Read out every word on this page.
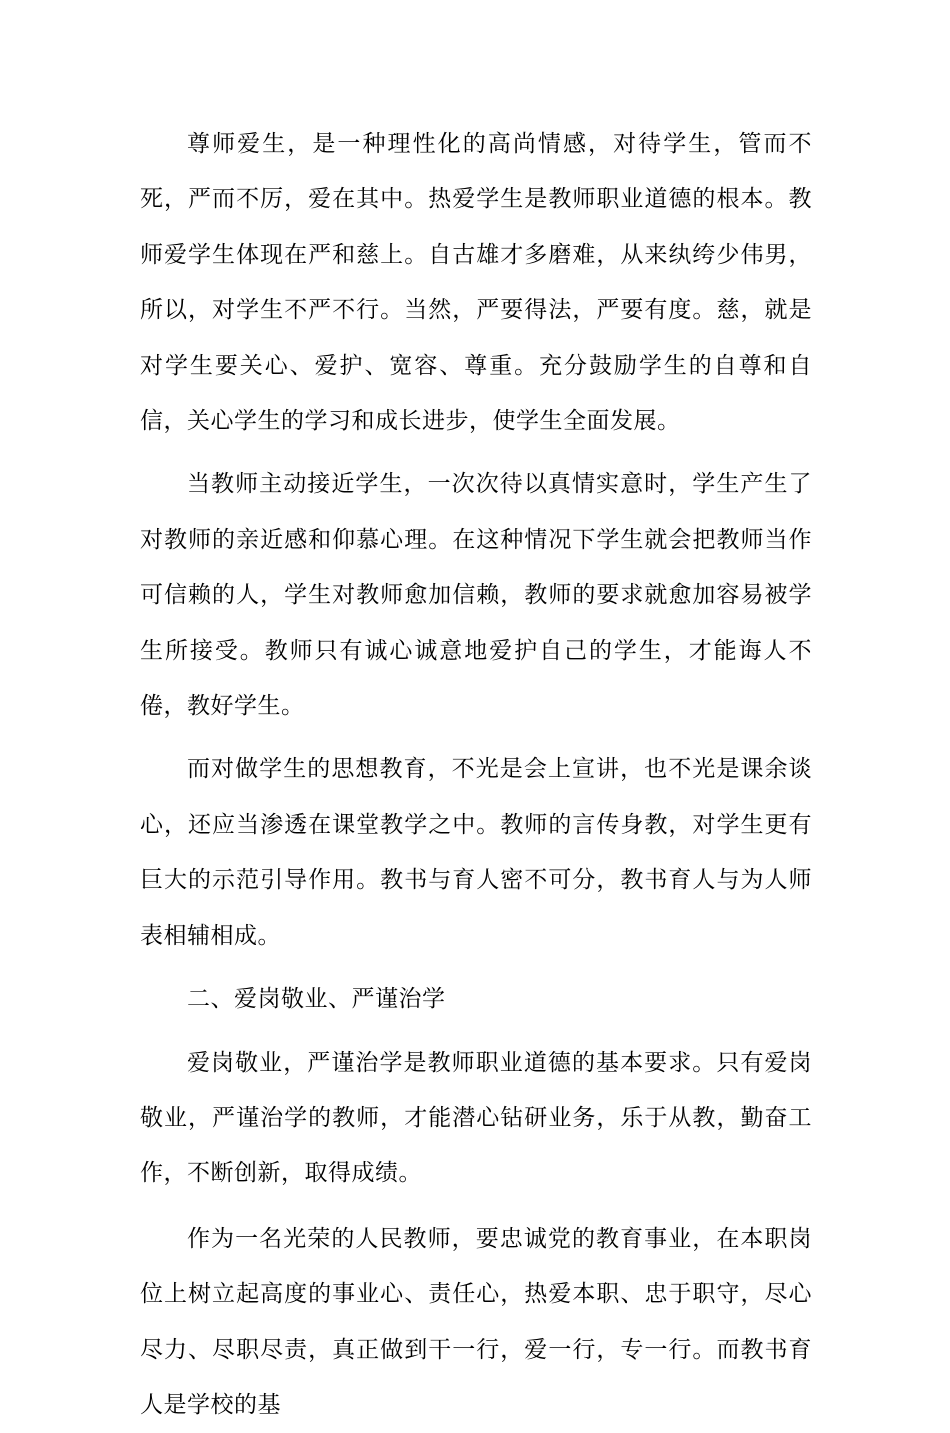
尊师爱生，是一种理性化的高尚情感，对待学生，管而不死，严而不厉，爱在其中。热爱学生是教师职业道德的根本。教师爱学生体现在严和慈上。自古雄才多磨难，从来纨绔少伟男，所以，对学生不严不行。当然，严要得法，严要有度。慈，就是对学生要关心、爱护、宽容、尊重。充分鼓励学生的自尊和自信，关心学生的学习和成长进步，使学生全面发展。

当教师主动接近学生，一次次待以真情实意时，学生产生了对教师的亲近感和仰慕心理。在这种情况下学生就会把教师当作可信赖的人，学生对教师愈加信赖，教师的要求就愈加容易被学生所接受。教师只有诚心诚意地爱护自己的学生，才能诲人不倦，教好学生。

而对做学生的思想教育，不光是会上宣讲，也不光是课余谈心，还应当渗透在课堂教学之中。教师的言传身教，对学生更有巨大的示范引导作用。教书与育人密不可分，教书育人与为人师表相辅相成。

二、爱岗敬业、严谨治学

爱岗敬业，严谨治学是教师职业道德的基本要求。只有爱岗敬业，严谨治学的教师，才能潜心钻研业务，乐于从教，勤奋工作，不断创新，取得成绩。

作为一名光荣的人民教师，要忠诚党的教育事业，在本职岗位上树立起高度的事业心、责任心，热爱本职、忠于职守，尽心尽力、尽职尽责，真正做到干一行，爱一行，专一行。而教书育人是学校的基
